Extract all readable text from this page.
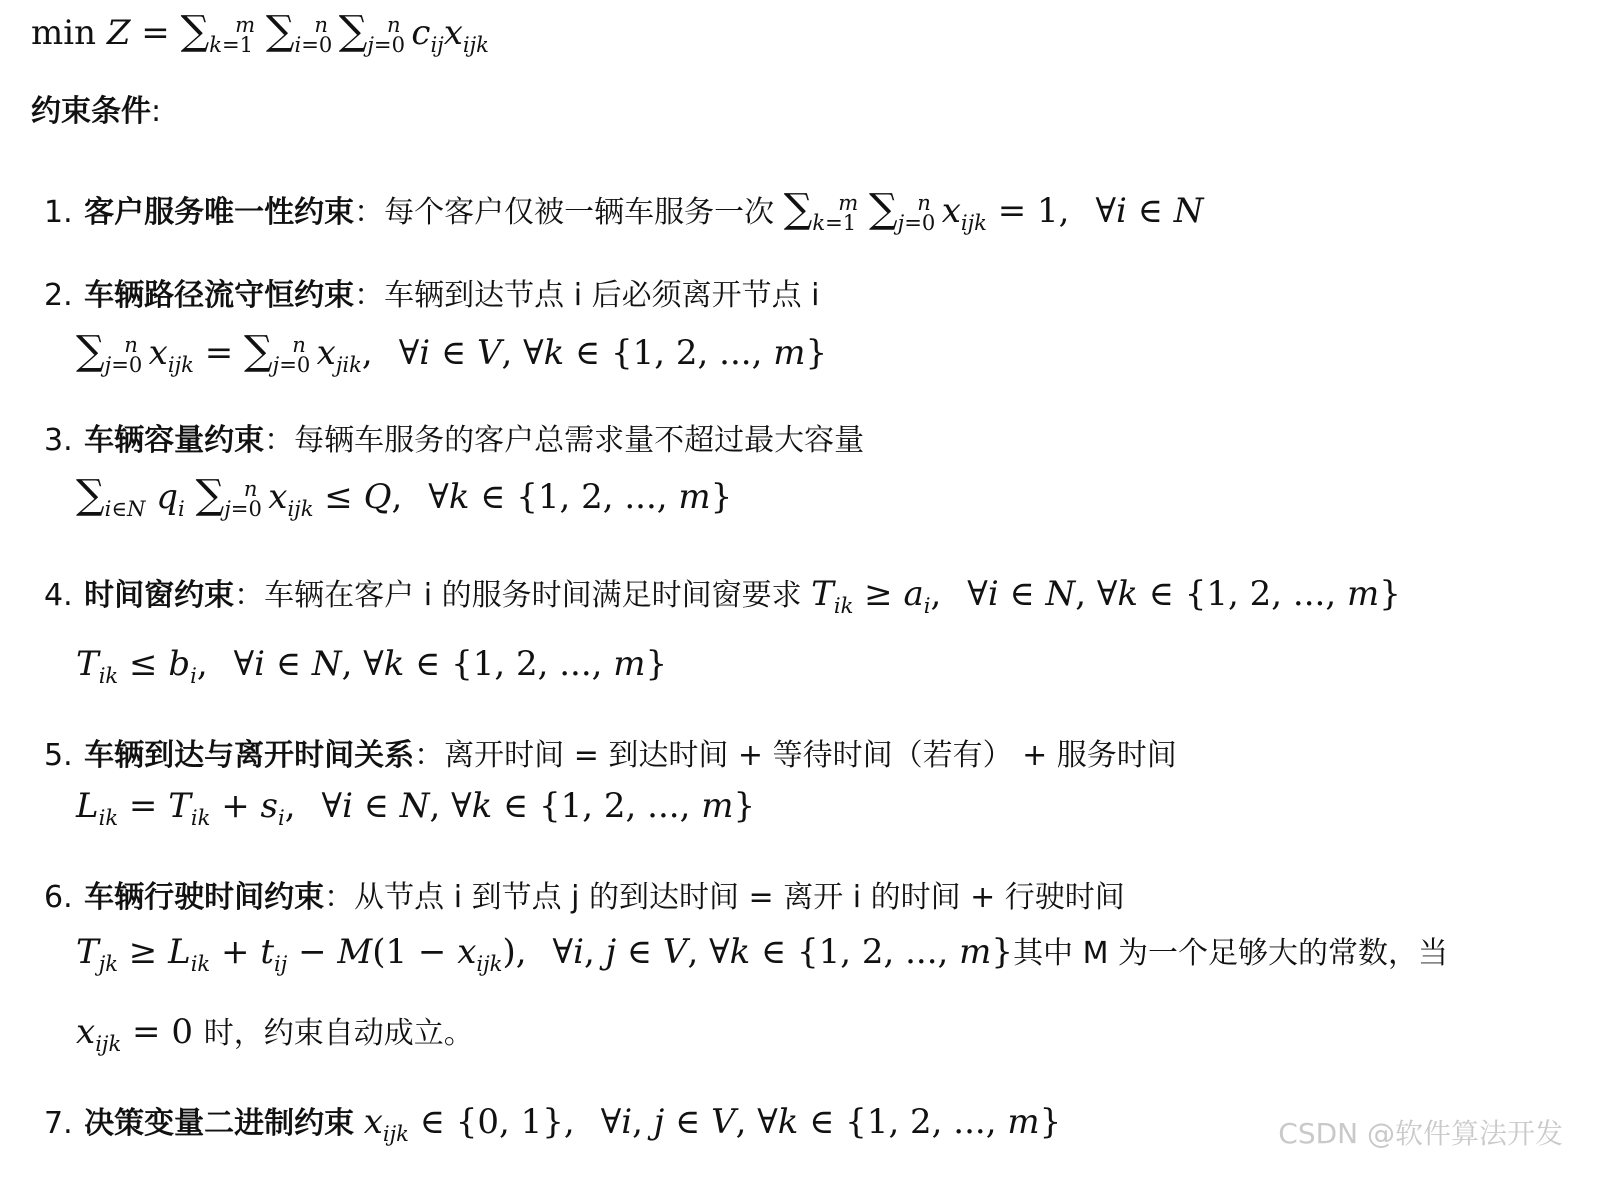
$\min Z = \sum_{k=1}^m$ $\sum_{i=0}^n$ $\sum_{j=0}^n$ $c_{ij}x_{ijk}$
约束条件:
1. 客户服务唯一性约束：每个客户仅被一辆车服务一次 $\sum_{k=1}^m$ $\sum_{j=0}^n$ $x_{ijk} = 1$, ∀i ∈ N
2. 车辆路径流守恒约束：车辆到达节点 i 后必须离开节点 i
$\sum_{j=0}^n$ $x_{ijk} = \sum_{j=0}^n$ $x_{jik}$, ∀i ∈ V, ∀k ∈ {1, 2, ..., m}
3. 车辆容量约束：每辆车服务的客户总需求量不超过最大容量
$\sum_{i\in N}$ $q_i$ $\sum_{j=0}^n$ $x_{ijk} \le Q$, ∀k ∈ {1, 2, ..., m}
4. 时间窗约束：车辆在客户 i 的服务时间满足时间窗要求 $T_{ik} \ge a_i$, ∀i ∈ N, ∀k ∈ {1, 2, ..., m}
$T_{ik} \le b_i$, ∀i ∈ N, ∀k ∈ {1, 2, ..., m}
5. 车辆到达与离开时间关系：离开时间 = 到达时间 + 等待时间（若有） + 服务时间
$L_{ik} = T_{ik} + s_i$, ∀i ∈ N, ∀k ∈ {1, 2, ..., m}
6. 车辆行驶时间约束：从节点 i 到节点 j 的到达时间 = 离开 i 的时间 + 行驶时间
$T_{jk} \ge L_{ik} + t_{ij} - M(1 - x_{ijk})$, ∀i, j ∈ V, ∀k ∈ {1, 2, ..., m}其中 M 为一个足够大的常数，当
$x_{ijk} = 0$ 时，约束自动成立。
7. 决策变量二进制约束 $x_{ijk}$ ∈ {0, 1}, ∀i, j ∈ V, ∀k ∈ {1, 2, ..., m}	CSDN @软件算法开发
